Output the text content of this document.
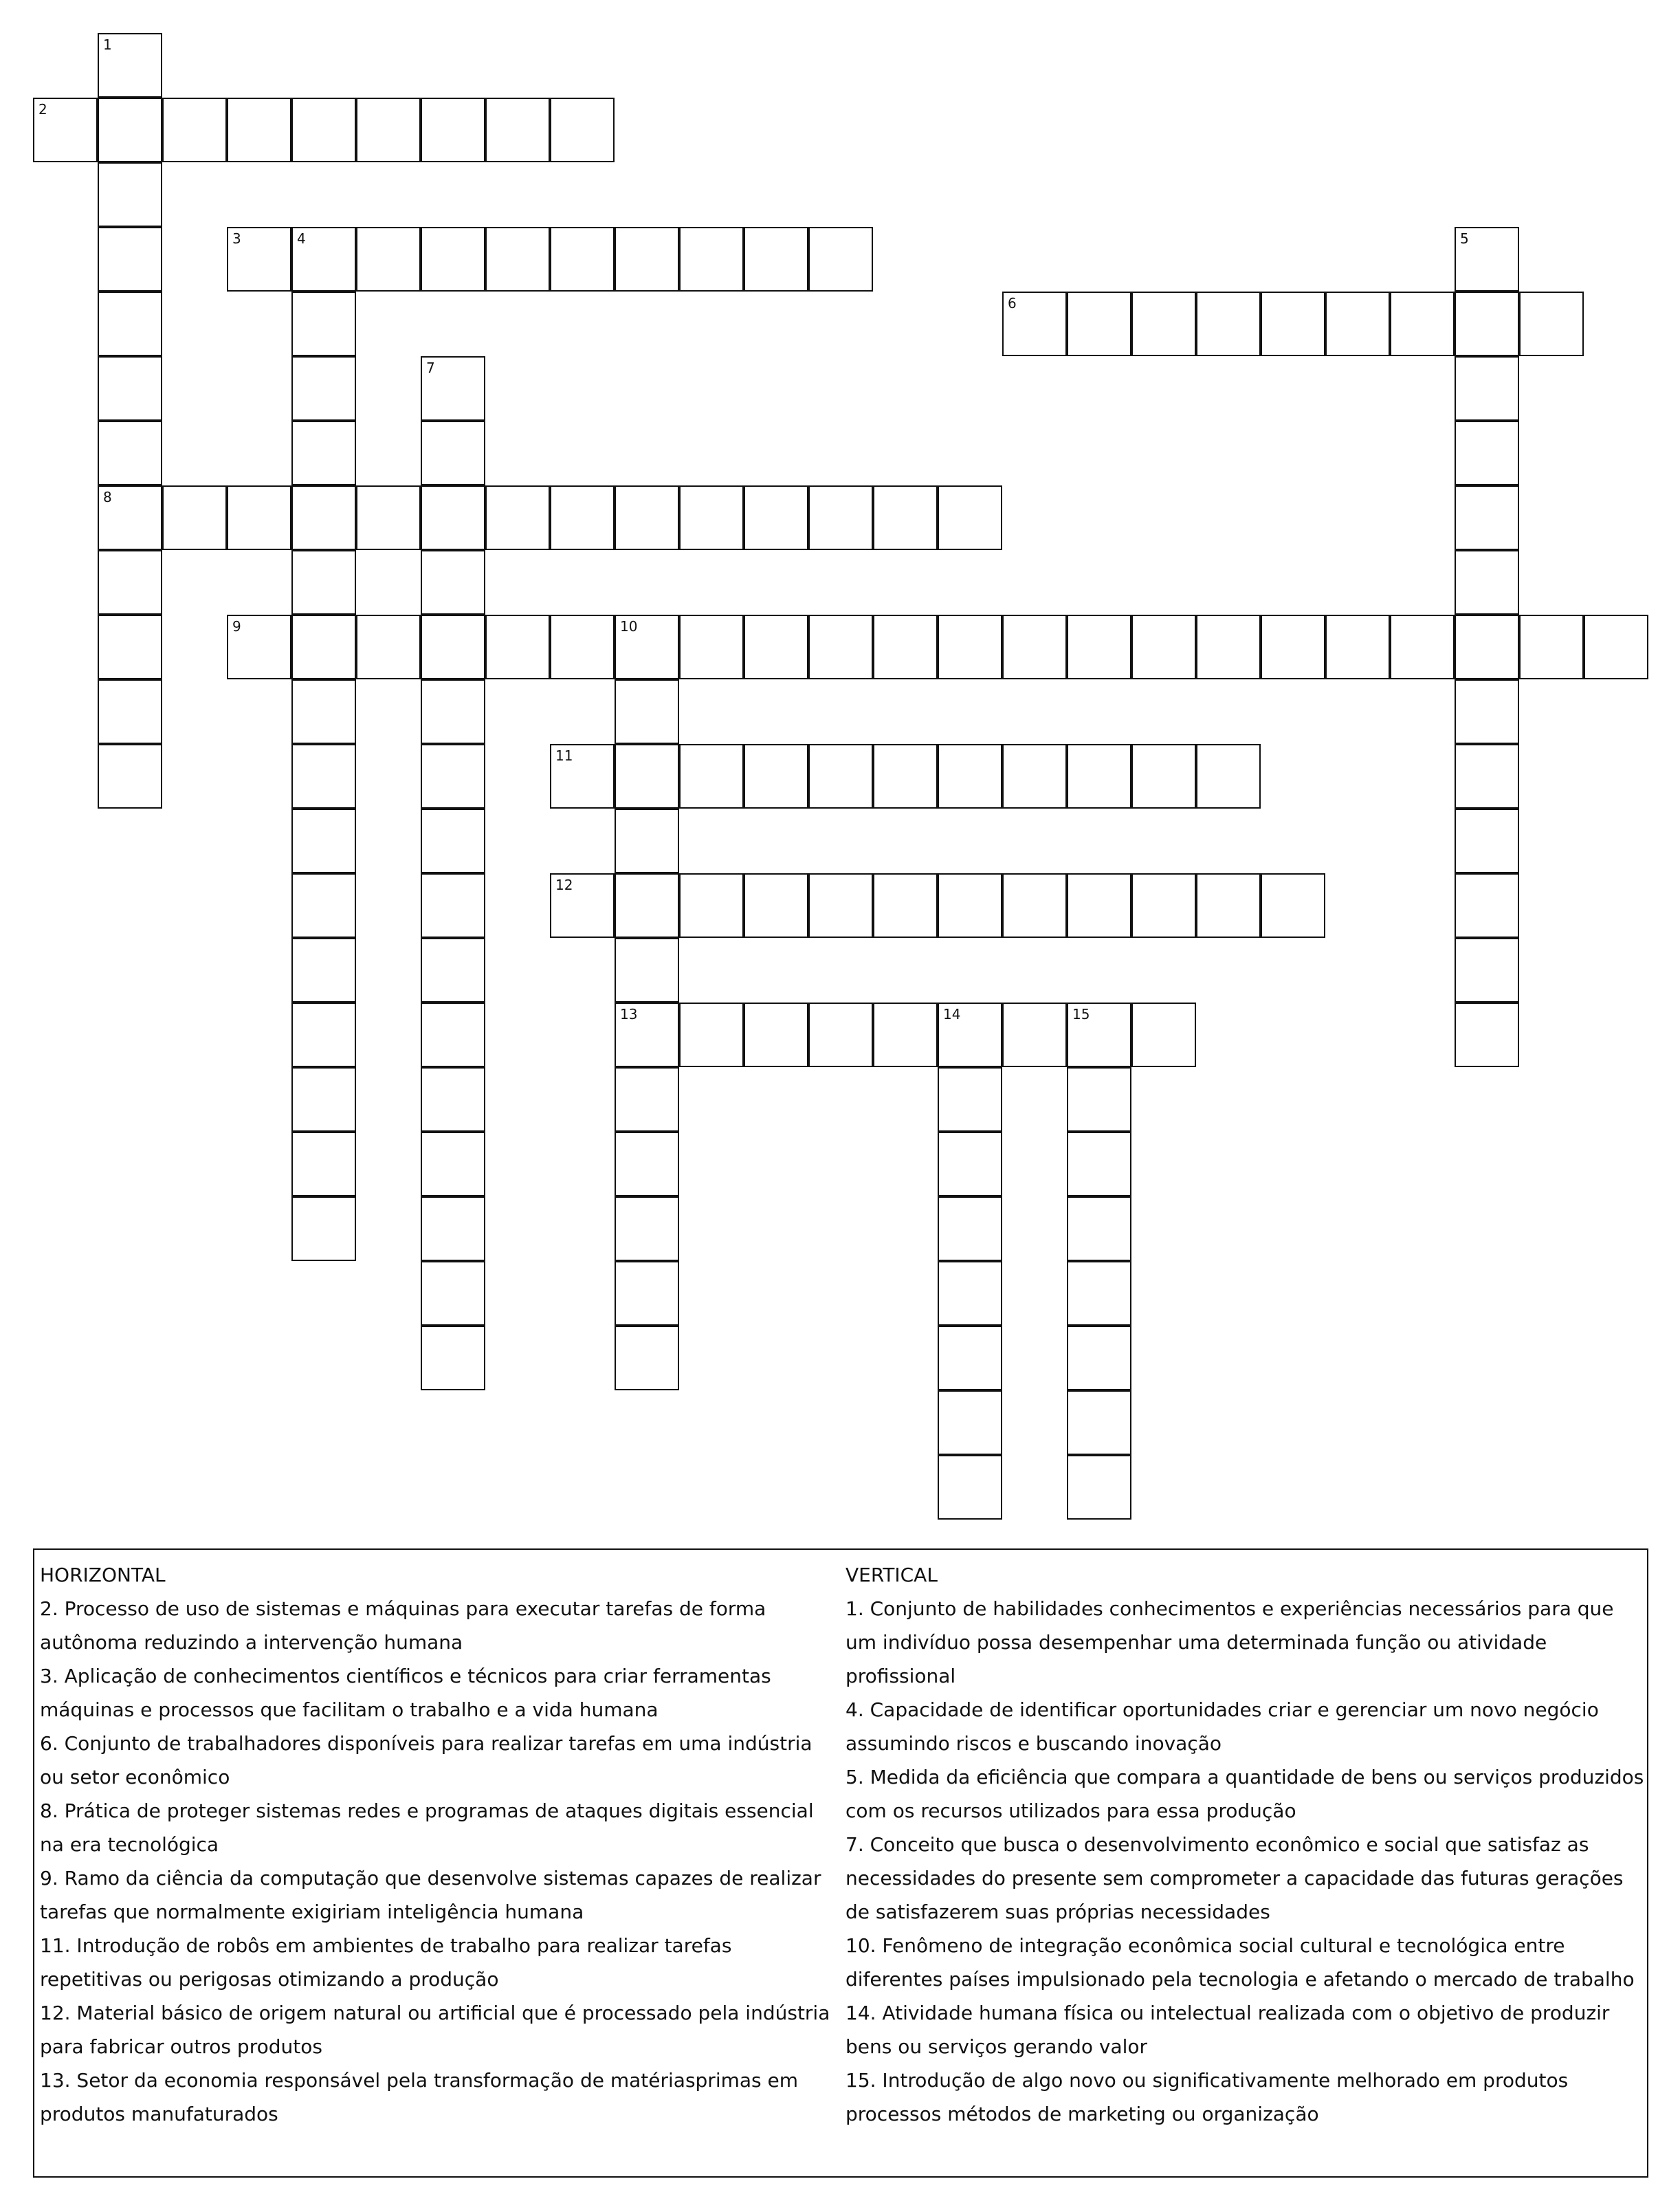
1
8
2
3	4	5
6
7
9	10
13
11
12
14	15

HORIZONTAL

2. Processo de uso de sistemas e máquinas para executar tarefas de forma autônoma reduzindo a intervenção humana

3. Aplicação de conhecimentos científicos e técnicos para criar ferramentas máquinas e processos que facilitam o trabalho e a vida humana

6. Conjunto de trabalhadores disponíveis para realizar tarefas em uma indústria ou setor econômico

8. Prática de proteger sistemas redes e programas de ataques digitais essencial na era tecnológica

9. Ramo da ciência da computação que desenvolve sistemas capazes de realizar tarefas que normalmente exigiriam inteligência humana

11. Introdução de robôs em ambientes de trabalho para realizar tarefas repetitivas ou perigosas otimizando a produção

12. Material básico de origem natural ou artificial que é processado pela indústria para fabricar outros produtos

13. Setor da economia responsável pela transformação de matériasprimas em produtos manufaturados

VERTICAL

1. Conjunto de habilidades conhecimentos e experiências necessários para que um indivíduo possa desempenhar uma determinada função ou atividade profissional

4. Capacidade de identificar oportunidades criar e gerenciar um novo negócio assumindo riscos e buscando inovação

5. Medida da eficiência que compara a quantidade de bens ou serviços produzidos com os recursos utilizados para essa produção

7. Conceito que busca o desenvolvimento econômico e social que satisfaz as necessidades do presente sem comprometer a capacidade das futuras gerações de satisfazerem suas próprias necessidades

10. Fenômeno de integração econômica social cultural e tecnológica entre diferentes países impulsionado pela tecnologia e afetando o mercado de trabalho

14. Atividade humana física ou intelectual realizada com o objetivo de produzir bens ou serviços gerando valor

15. Introdução de algo novo ou significativamente melhorado em produtos processos métodos de marketing ou organização
